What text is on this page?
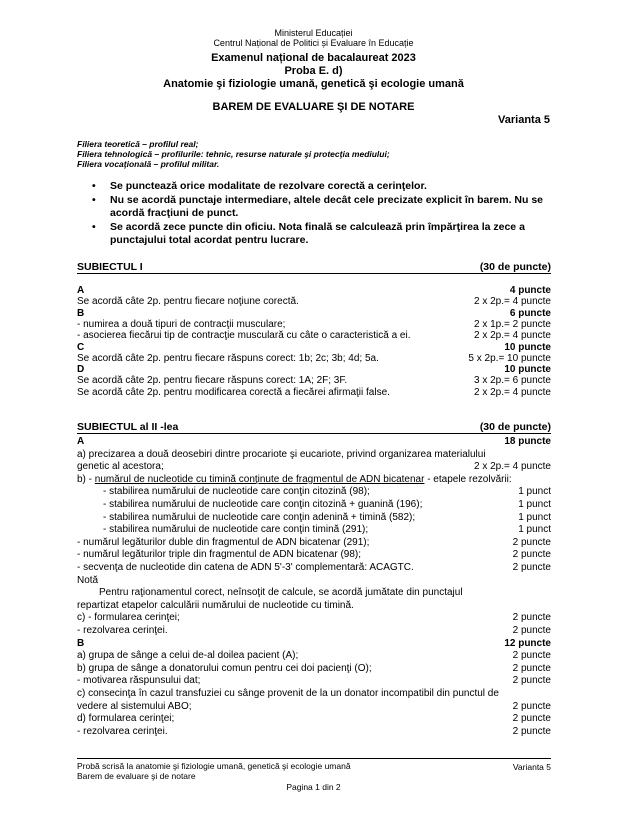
Ministerul Educației
Centrul Național de Politici și Evaluare în Educație
Examenul național de bacalaureat 2023
Proba E. d)
Anatomie şi fiziologie umană, genetică şi ecologie umană
BAREM DE EVALUARE ŞI DE NOTARE
Varianta 5
Filiera teoretică – profilul real;
Filiera tehnologică – profilurile: tehnic, resurse naturale şi protecţia mediului;
Filiera vocaţională – profilul militar.
• Se punctează orice modalitate de rezolvare corectă a cerinţelor.
• Nu se acordă punctaje intermediare, altele decât cele precizate explicit în barem. Nu se acordă fracţiuni de punct.
• Se acordă zece puncte din oficiu. Nota finală se calculează prin împărţirea la zece a punctajului total acordat pentru lucrare.
SUBIECTUL I	(30 de puncte)
A	4 puncte
Se acordă câte 2p. pentru fiecare noţiune corectă.	2 x 2p.= 4 puncte
B	6 puncte
- numirea a două tipuri de contracţii musculare;	2 x 1p.= 2 puncte
- asocierea fiecărui tip de contracţie musculară cu câte o caracteristică a ei.	2 x 2p.= 4 puncte
C	10 puncte
Se acordă câte 2p. pentru fiecare răspuns corect: 1b; 2c; 3b; 4d; 5a.	5 x 2p.= 10 puncte
D	10 puncte
Se acordă câte 2p. pentru fiecare răspuns corect: 1A; 2F; 3F.	3 x 2p.= 6 puncte
Se acordă câte 2p. pentru modificarea corectă a fiecărei afirmaţii false.	2 x 2p.= 4 puncte
SUBIECTUL al II -lea	(30 de puncte)
A	18 puncte
a) precizarea a două deosebiri dintre procariote şi eucariote, privind organizarea materialului
genetic al acestora;	2 x 2p.= 4 puncte
b) - numărul de nucleotide cu timină conţinute de fragmentul de ADN bicatenar - etapele rezolvării:
- stabilirea numărului de nucleotide care conţin citozină (98);	1 punct
- stabilirea numărului de nucleotide care conţin citozină + guanină (196);	1 punct
- stabilirea numărului de nucleotide care conţin adenină + timină (582);	1 punct
- stabilirea numărului de nucleotide care conţin timină (291);	1 punct
- numărul legăturilor duble din fragmentul de ADN bicatenar (291);	2 puncte
- numărul legăturilor triple din fragmentul de ADN bicatenar (98);	2 puncte
- secvenţa de nucleotide din catena de ADN 5'-3' complementară: ACAGTC.	2 puncte
Notă
Pentru raţionamentul corect, neînsoţit de calcule, se acordă jumătate din punctajul
repartizat etapelor calculării numărului de nucleotide cu timină.
c) - formularea cerinţei;	2 puncte
- rezolvarea cerinţei.	2 puncte
B	12 puncte
a) grupa de sânge a celui de-al doilea pacient (A);	2 puncte
b) grupa de sânge a donatorului comun pentru cei doi pacienţi (O);	2 puncte
- motivarea răspunsului dat;	2 puncte
c) consecinţa în cazul transfuziei cu sânge provenit de la un donator incompatibil din punctul de
vedere al sistemului ABO;	2 puncte
d) formularea cerinţei;	2 puncte
- rezolvarea cerinţei.	2 puncte
Probă scrisă la anatomie şi fiziologie umană, genetică şi ecologie umană
Barem de evaluare şi de notare
Varianta 5
Pagina 1 din 2
